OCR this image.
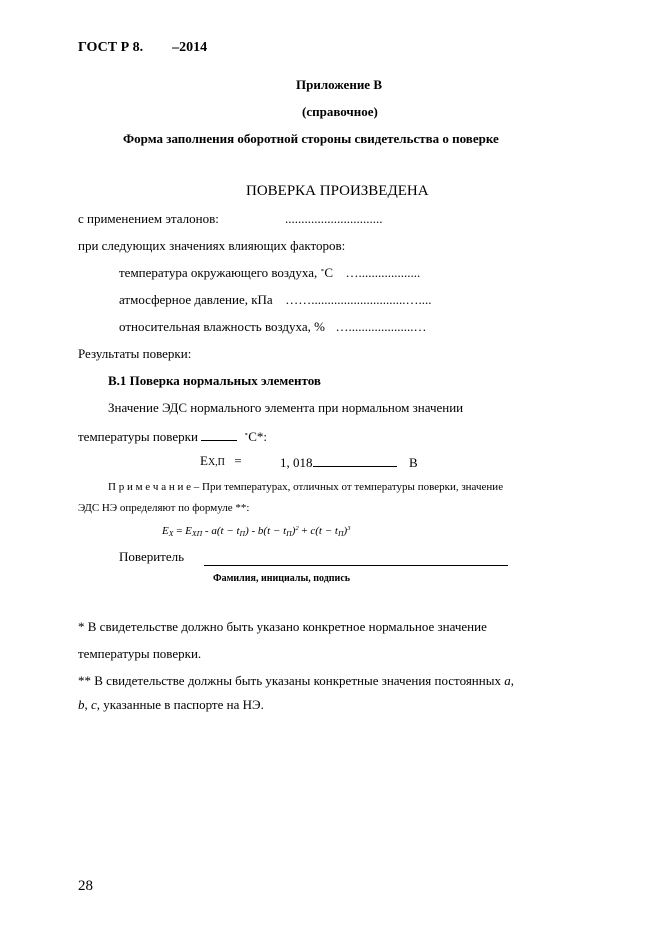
ГОСТ Р 8. –2014
Приложение В
(справочное)
Форма заполнения оборотной стороны свидетельства о поверке
ПОВЕРКА ПРОИЗВЕДЕНА
с применением эталонов:	..............................
при следующих значениях влияющих факторов:
температура окружающего воздуха, ∘С …...................
атмосферное давление, кПа …….............................…....
относительная влажность воздуха, % …....................…
Результаты поверки:
В.1 Поверка нормальных элементов
Значение ЭДС нормального элемента при нормальном значении
температуры поверки	∘С*:
ЕХ,П =	1, 018	В
П р и м е ч а н и е – При температурах, отличных от температуры поверки, значение
ЭДС НЭ определяют по формуле **:
$E_X = E_{XП} - a(t - t_П) - b(t - t_П)^2 + c(t - t_П)^3$
Поверитель
Фамилия, инициалы, подпись
* В свидетельстве должно быть указано конкретное нормальное значение
температуры поверки.
** В свидетельстве должны быть указаны конкретные значения постоянных a,
b, c, указанные в паспорте на НЭ.
28
